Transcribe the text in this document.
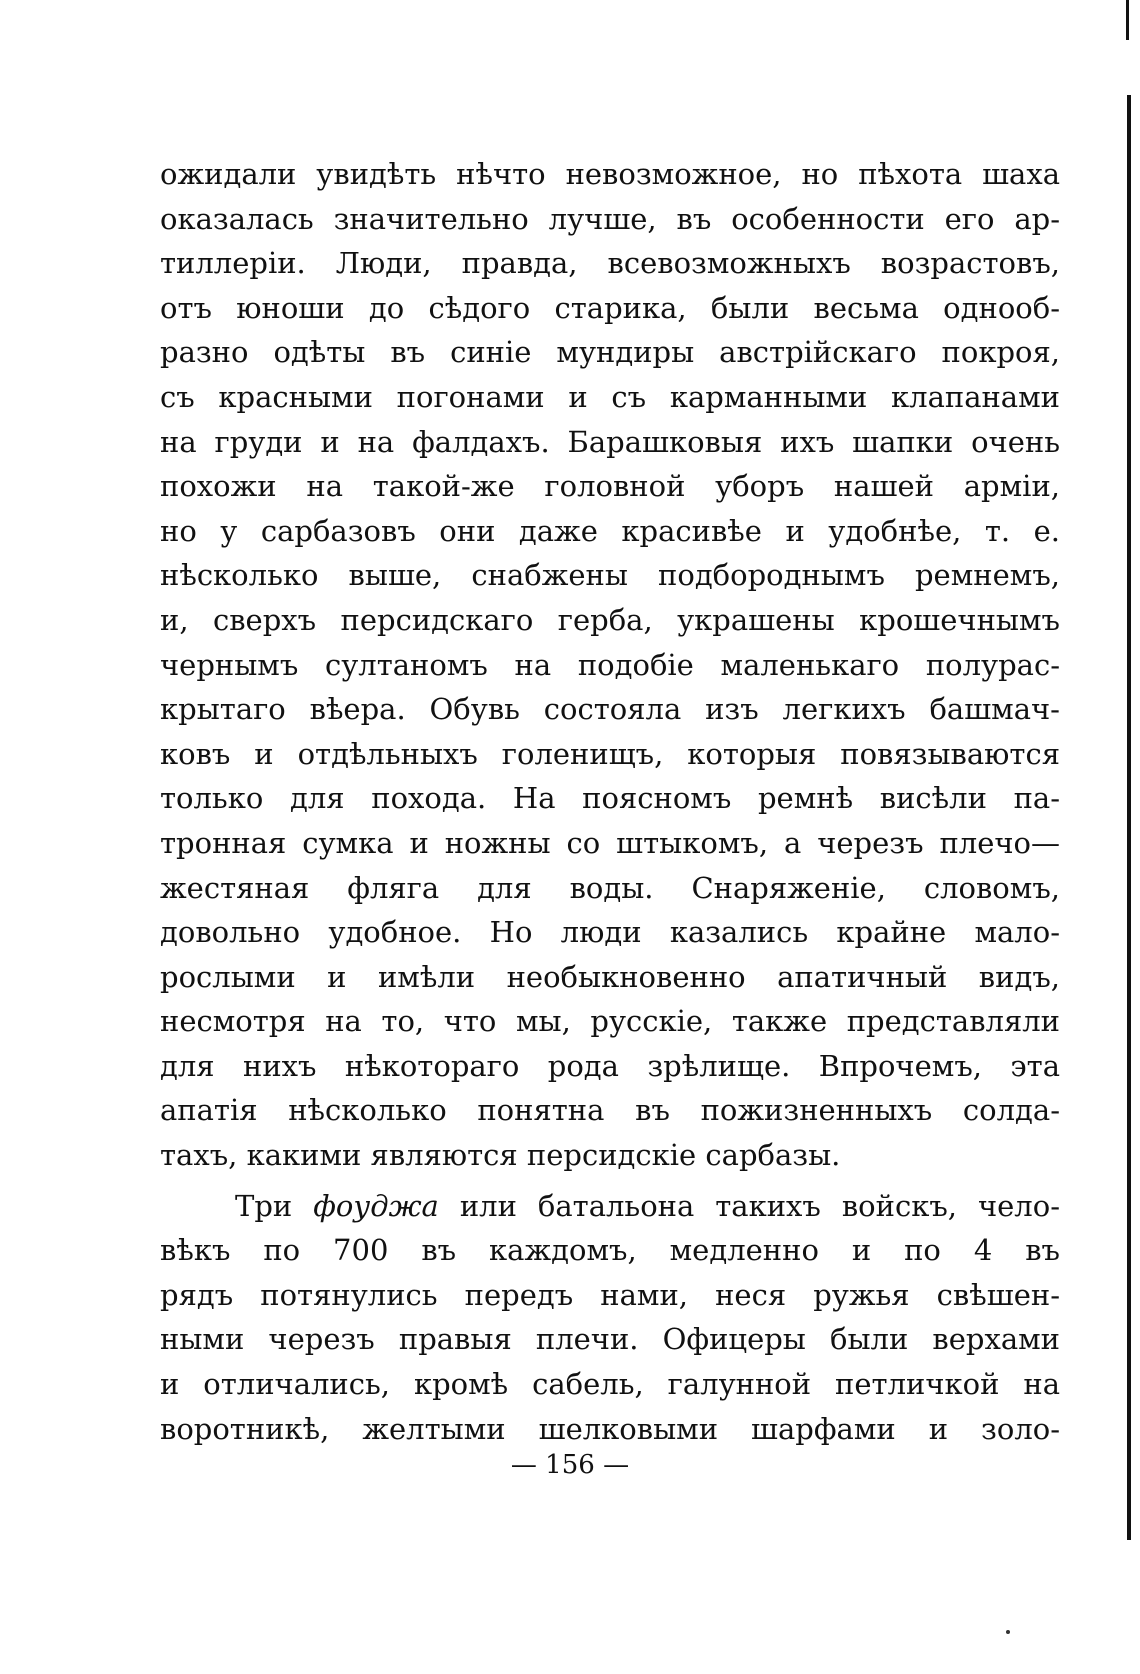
ожидали увидѣть нѣчто невозможное, но пѣхота шаха
оказалась значительно лучше, въ особенности его ар-
тиллеріи. Люди, правда, всевозможныхъ возрастовъ,
отъ юноши до сѣдого старика, были весьма однооб-
разно одѣты въ синіе мундиры австрійскаго покроя,
съ красными погонами и съ карманными клапанами
на груди и на фалдахъ. Барашковыя ихъ шапки очень
похожи на такой-же головной уборъ нашей арміи,
но у сарбазовъ они даже красивѣе и удобнѣе, т. е.
нѣсколько выше, снабжены подбороднымъ ремнемъ,
и, сверхъ персидскаго герба, украшены крошечнымъ
чернымъ султаномъ на подобіе маленькаго полурас-
крытаго вѣера. Обувь состояла изъ легкихъ башмач-
ковъ и отдѣльныхъ голенищъ, которыя повязываются
только для похода. На поясномъ ремнѣ висѣли па-
тронная сумка и ножны со штыкомъ, а черезъ плечо—
жестяная фляга для воды. Снаряженіе, словомъ,
довольно удобное. Но люди казались крайне мало-
рослыми и имѣли необыкновенно апатичный видъ,
несмотря на то, что мы, русскіе, также представляли
для нихъ нѣкотораго рода зрѣлище. Впрочемъ, эта
апатія нѣсколько понятна въ пожизненныхъ солда-
тахъ, какими являются персидскіе сарбазы.
Три фоуджа или батальона такихъ войскъ, чело-
вѣкъ по 700 въ каждомъ, медленно и по 4 въ
рядъ потянулись передъ нами, неся ружья свѣшен-
ными черезъ правыя плечи. Офицеры были верхами
и отличались, кромѣ сабель, галунной петличкой на
воротникѣ, желтыми шелковыми шарфами и золо-
— 156 —
